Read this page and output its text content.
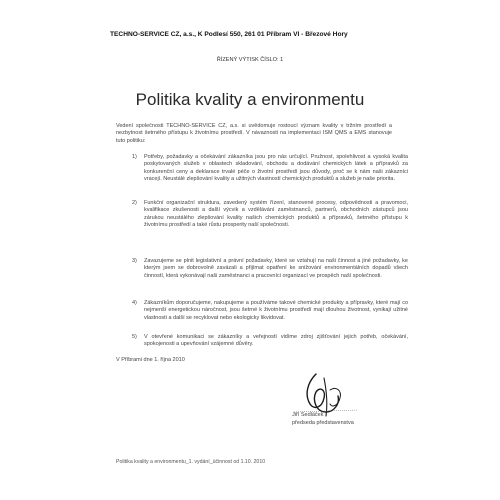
TECHNO-SERVICE CZ, a.s., K Podlesí 550, 261 01 Příbram VI - Březové Hory
ŘÍZENÝ VÝTISK ČÍSLO: 1
Politika kvality a environmentu
Vedení společnosti TECHNO-SERVICE CZ, a.s. si uvědomuje rostoucí význam kvality v tržním prostředí a nezbytnost šetrného přístupu k životnímu prostředí. V návaznosti na implementaci ISM QMS a EMS stanovuje tuto politiku:
1)	Potřeby, požadavky a očekávání zákazníka jsou pro nás určující. Pružnost, spolehlivost a vysoká kvalita poskytovaných služeb v oblastech skladování, obchodu a dodávání chemických látek a přípravků za konkurenční ceny a deklarace trvalé péče o životní prostředí jsou důvody, proč se k nám naši zákazníci vracejí. Neustálé zlepšování kvality a užitných vlastností chemických produktů a služeb je naše priorita.
2)	Funkční organizační struktura, zavedený systém řízení, stanovené procesy, odpovědnosti a pravomoci, kvalifikace zkušenosti a další výcvik a vzdělávání zaměstnanců, partnerů, obchodních zástupců jsou zárukou neustálého zlepšování kvality našich chemických produktů a přípravků, šetrného přístupu k životnímu prostředí a také růstu prosperity naší společnosti.
3)	Zavazujeme se plnit legislativní a právní požadavky, které se vztahují na naši činnost a jiné požadavky, ke kterým jsem se dobrovolně zavázali a přijímat opatření ke snižování environmentálních dopadů všech činností, která vykonávají naši zaměstnanci a pracovníci organizací ve prospěch naší společnosti.
4)	Zákazníkům doporučujeme, nakupujeme a používáme takové chemické produkty a přípravky, které mají co nejmenší energetickou náročnost, jsou šetrné k životnímu prostředí mají dlouhou životnost, vynikají užitné vlastnosti a další se recyklovat nebo ekologicky likvidovat.
5)	V otevřené komunikaci se zákazníky a veřejností vidíme zdroj zjišťování jejich potřeb, očekávání, spokojenosti a upevňování vzájemné důvěry.
V Příbrami dne 1. října 2010
Jiří Sedláček
předseda představenstva
Politika kvality a environmentu_1. vydání_účinnost od 1.10. 2010
